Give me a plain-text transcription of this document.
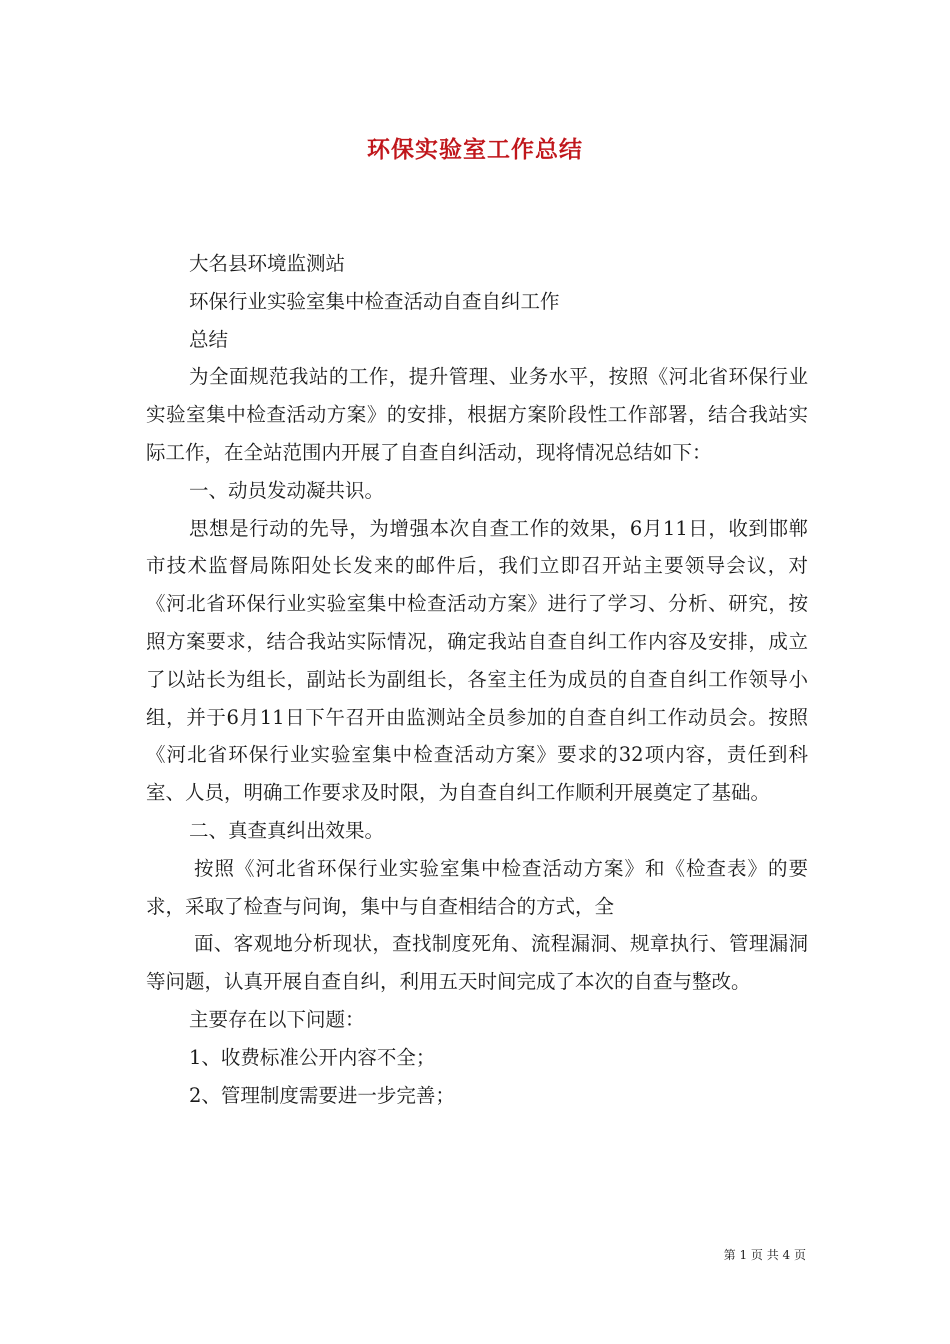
环保实验室工作总结

大名县环境监测站

环保行业实验室集中检查活动自查自纠工作

总结

为全面规范我站的工作，提升管理、业务水平，按照《河北省环保行业实验室集中检查活动方案》的安排，根据方案阶段性工作部署，结合我站实际工作，在全站范围内开展了自查自纠活动，现将情况总结如下：

一、动员发动凝共识。

思想是行动的先导，为增强本次自查工作的效果，6月11日，收到邯郸市技术监督局陈阳处长发来的邮件后，我们立即召开站主要领导会议，对《河北省环保行业实验室集中检查活动方案》进行了学习、分析、研究，按照方案要求，结合我站实际情况，确定我站自查自纠工作内容及安排，成立了以站长为组长，副站长为副组长，各室主任为成员的自查自纠工作领导小组，并于6月11日下午召开由监测站全员参加的自查自纠工作动员会。按照《河北省环保行业实验室集中检查活动方案》要求的32项内容，责任到科室、人员，明确工作要求及时限，为自查自纠工作顺利开展奠定了基础。

二、真查真纠出效果。

按照《河北省环保行业实验室集中检查活动方案》和《检查表》的要求，采取了检查与问询，集中与自查相结合的方式，全

面、客观地分析现状，查找制度死角、流程漏洞、规章执行、管理漏洞等问题，认真开展自查自纠，利用五天时间完成了本次的自查与整改。

主要存在以下问题：

1、收费标准公开内容不全；

2、管理制度需要进一步完善；

第 1 页 共 4 页
